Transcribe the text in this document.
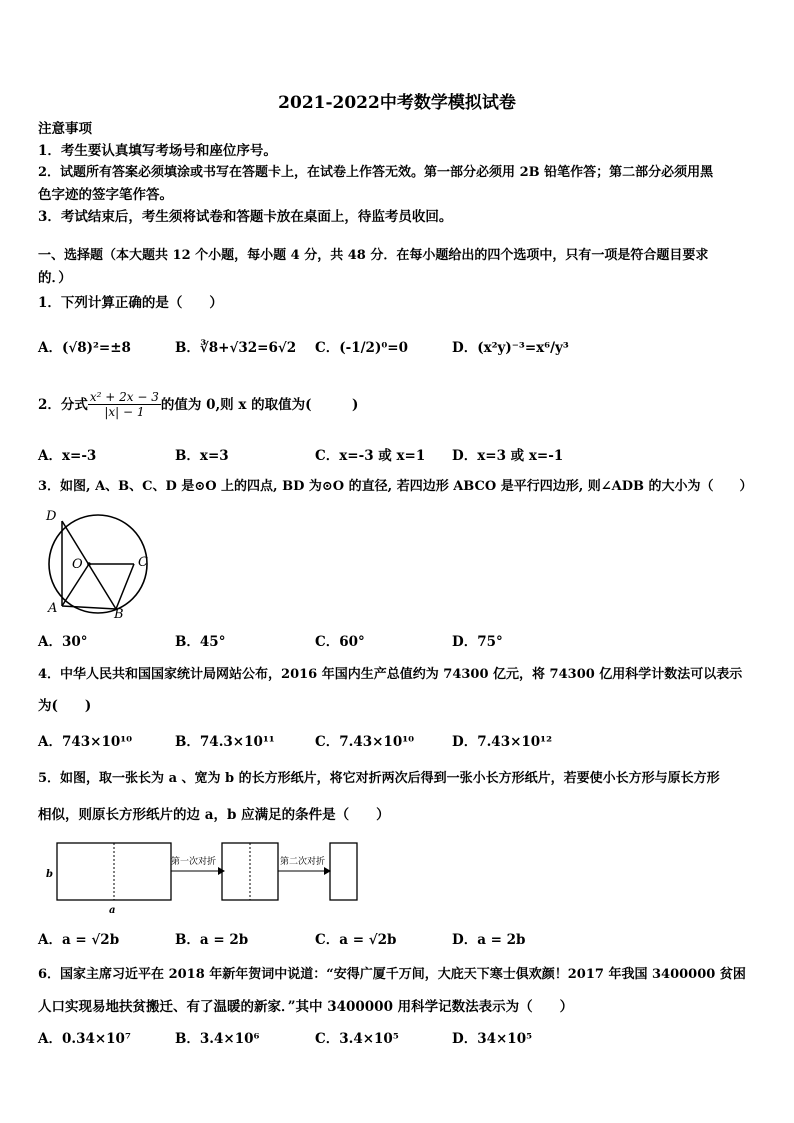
2021-2022中考数学模拟试卷
注意事项
1．考生要认真填写考场号和座位序号。
2．试题所有答案必须填涂或书写在答题卡上，在试卷上作答无效。第一部分必须用 2B 铅笔作答；第二部分必须用黑
色字迹的签字笔作答。
3．考试结束后，考生须将试卷和答题卡放在桌面上，待监考员收回。
一、选择题（本大题共 12 个小题，每小题 4 分，共 48 分．在每小题给出的四个选项中，只有一项是符合题目要求
的．）
1．下列计算正确的是（　　）
A．(√8)²=±8	B．∛8+√32=6√2 C．(-1/2)⁰=0	D．(x²y)⁻³=x⁶/y³
2．分式 $\frac{\text{x² + 2x − 3}}{|x| - 1}$ 的值为 0,则 x 的取值为(　　　)
A．x=-3	B．x=3	C．x=-3 或 x=1 D．x=3 或 x=-1
3．如图, A、B、C、D 是⊙O 上的四点, BD 为⊙O 的直径, 若四边形 ABCO 是平行四边形, 则∠ADB 的大小为（　　）
D
O	C
A	B
A．30°	B．45°	C．60°	D．75°
4．中华人民共和国国家统计局网站公布，2016 年国内生产总值约为 74300 亿元，将 74300 亿用科学计数法可以表示
为(　　)
A．743×10¹⁰	B．74.3×10¹¹	C．7.43×10¹⁰	D．7.43×10¹²
5．如图，取一张长为 a 、宽为 b 的长方形纸片，将它对折两次后得到一张小长方形纸片，若要使小长方形与原长方形
相似，则原长方形纸片的边 a，b 应满足的条件是（　　）
b
a
第一次对折	第二次对折
A．a = √2b	B．a = 2b	C．a = √2b	D．a = 2b
6．国家主席习近平在 2018 年新年贺词中说道：“安得广厦千万间，大庇天下寒士俱欢颜！2017 年我国 3400000 贫困
人口实现易地扶贫搬迁、有了温暖的新家．”其中 3400000 用科学记数法表示为（　　）
A．0.34×10⁷	B．3.4×10⁶	C．3.4×10⁵	D．34×10⁵
